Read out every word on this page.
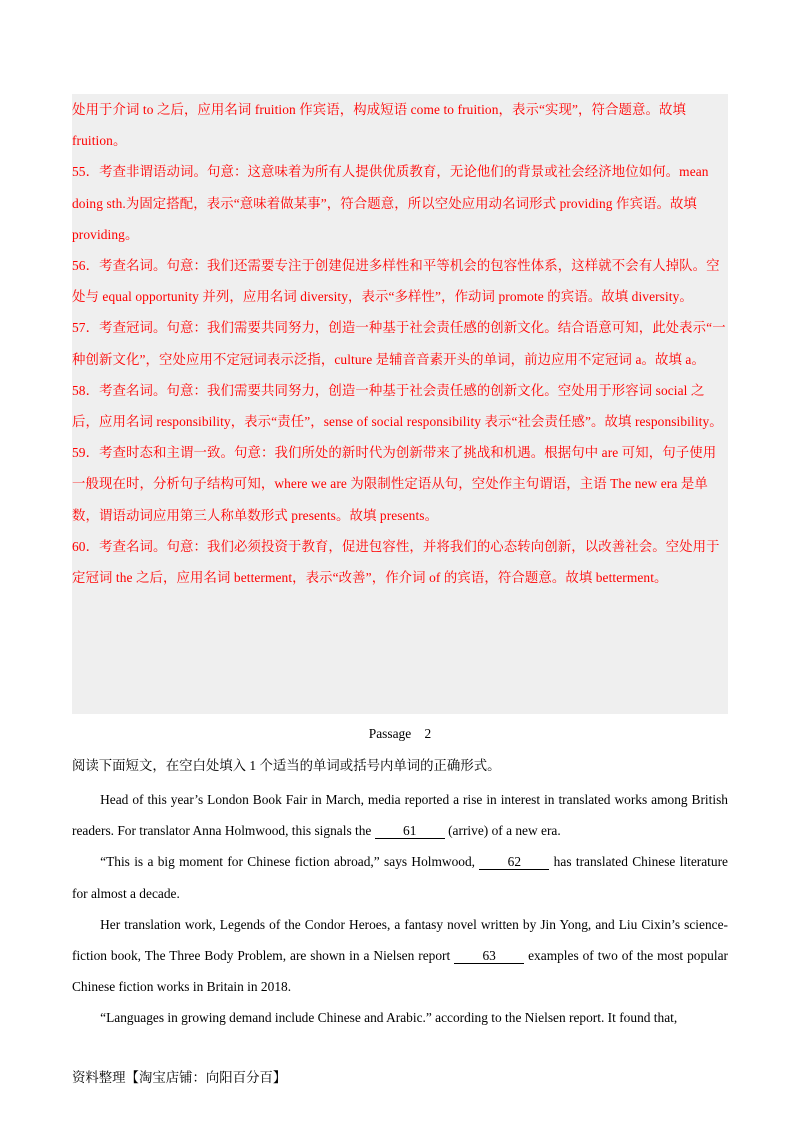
处用于介词 to 之后，应用名词 fruition 作宾语，构成短语 come to fruition，表示“实现”，符合题意。故填 fruition。

55．考查非谓语动词。句意：这意味着为所有人提供优质教育，无论他们的背景或社会经济地位如何。mean doing sth.为固定搭配，表示“意味着做某事”，符合题意，所以空处应用动名词形式 providing 作宾语。故填 providing。

56．考查名词。句意：我们还需要专注于创建促进多样性和平等机会的包容性体系，这样就不会有人掉队。空处与 equal opportunity 并列，应用名词 diversity，表示“多样性”，作动词 promote 的宾语。故填 diversity。

57．考查冠词。句意：我们需要共同努力，创造一种基于社会责任感的创新文化。结合语意可知，此处表示“一种创新文化”，空处应用不定冠词表示泛指，culture 是辅音音素开头的单词，前边应用不定冠词 a。故填 a。

58．考查名词。句意：我们需要共同努力，创造一种基于社会责任感的创新文化。空处用于形容词 social 之后，应用名词 responsibility，表示“责任”，sense of social responsibility 表示“社会责任感”。故填 responsibility。

59．考查时态和主谓一致。句意：我们所处的新时代为创新带来了挑战和机遇。根据句中 are 可知，句子使用一般现在时，分析句子结构可知，where we are 为限制性定语从句，空处作主句谓语，主语 The new era 是单数，谓语动词应用第三人称单数形式 presents。故填 presents。

60．考查名词。句意：我们必须投资于教育，促进包容性，并将我们的心态转向创新，以改善社会。空处用于定冠词 the 之后，应用名词 betterment，表示“改善”，作介词 of 的宾语，符合题意。故填 betterment。

Passage　2
阅读下面短文，在空白处填入 1 个适当的单词或括号内单词的正确形式。

Head of this year’s London Book Fair in March, media reported a rise in interest in translated works among British readers. For translator Anna Holmwood, this signals the 61 (arrive) of a new era.

“This is a big moment for Chinese fiction abroad,” says Holmwood, 62 has translated Chinese literature for almost a decade.

Her translation work, Legends of the Condor Heroes, a fantasy novel written by Jin Yong, and Liu Cixin’s science-fiction book, The Three Body Problem, are shown in a Nielsen report 63 examples of two of the most popular Chinese fiction works in Britain in 2018.

“Languages in growing demand include Chinese and Arabic.” according to the Nielsen report. It found that,

资料整理【淘宝店铺：向阳百分百】
